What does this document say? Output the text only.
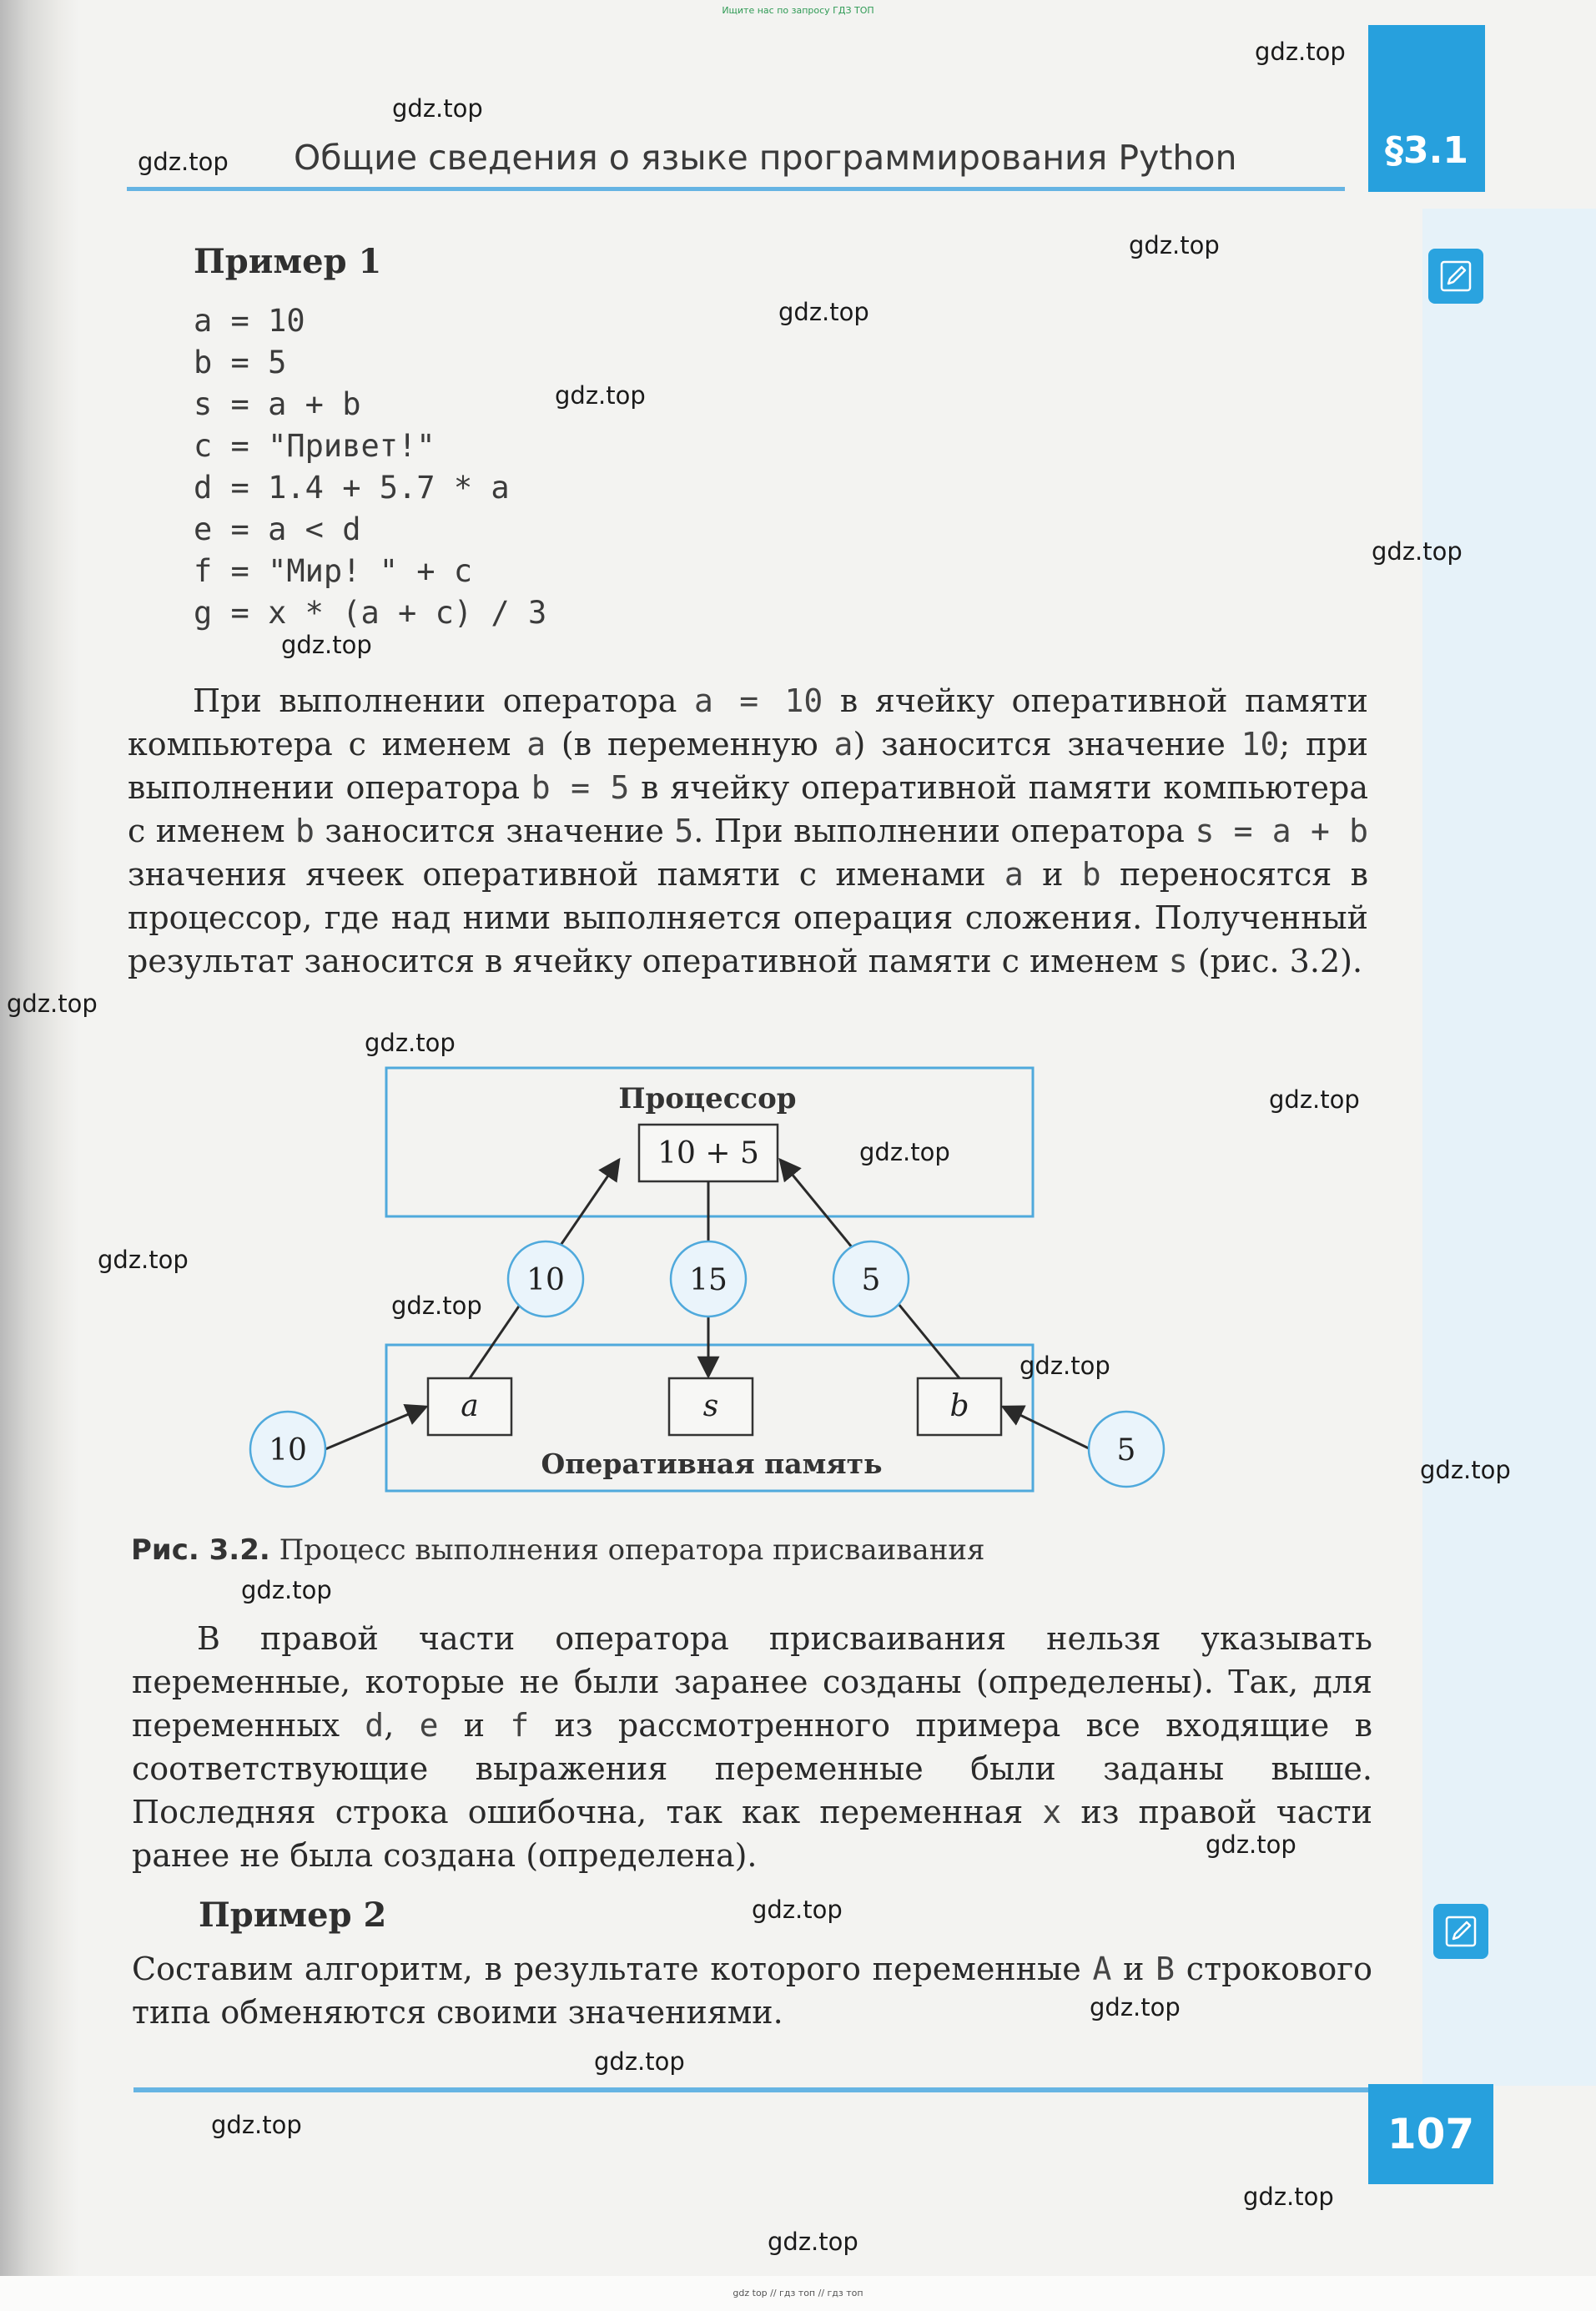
Ищите нас по запросу ГДЗ ТОП
Общие сведения о языке программирования Python	§3.1
Пример 1
a = 10
b = 5
s = a + b
c = "Привет!"
d = 1.4 + 5.7 * a
e = a < d
f = "Мир! " + c
g = x * (a + c) / 3

При выполнении оператора a = 10 в ячейку оперативной памяти компьютера с именем a (в переменную a) заносится значение 10; при выполнении оператора b = 5 в ячейку оперативной памяти компьютера с именем b заносится значение 5. При выполнении оператора s = a + b значения ячеек оперативной памяти с именами a и b переносятся в процессор, где над ними выполняется операция сложения. Полученный результат заносится в ячейку оперативной памяти с именем s (рис. 3.2).

Процессор
10 + 5
Оперативная память
a	s	b
10	5
10	15	5
Рис. 3.2. Процесс выполнения оператора присваивания

В правой части оператора присваивания нельзя указывать переменные, которые не были заранее созданы (определены). Так, для переменных d, e и f из рассмотренного примера все входящие в соответствующие выражения переменные были заданы выше. Последняя строка ошибочна, так как переменная x из правой части ранее не была создана (определена).

Пример 2

Составим алгоритм, в результате которого переменные A и B строкового типа обменяются своими значениями.

107
gdz top // гдз топ // гдз топ
gdz.top
gdz.top
gdz.top
gdz.top
gdz.top
gdz.top
gdz.top
gdz.top
gdz.top
gdz.top
gdz.top
gdz.top
gdz.top
gdz.top
gdz.top
gdz.top
gdz.top
gdz.top
gdz.top
gdz.top
gdz.top
gdz.top
gdz.top
gdz.top
